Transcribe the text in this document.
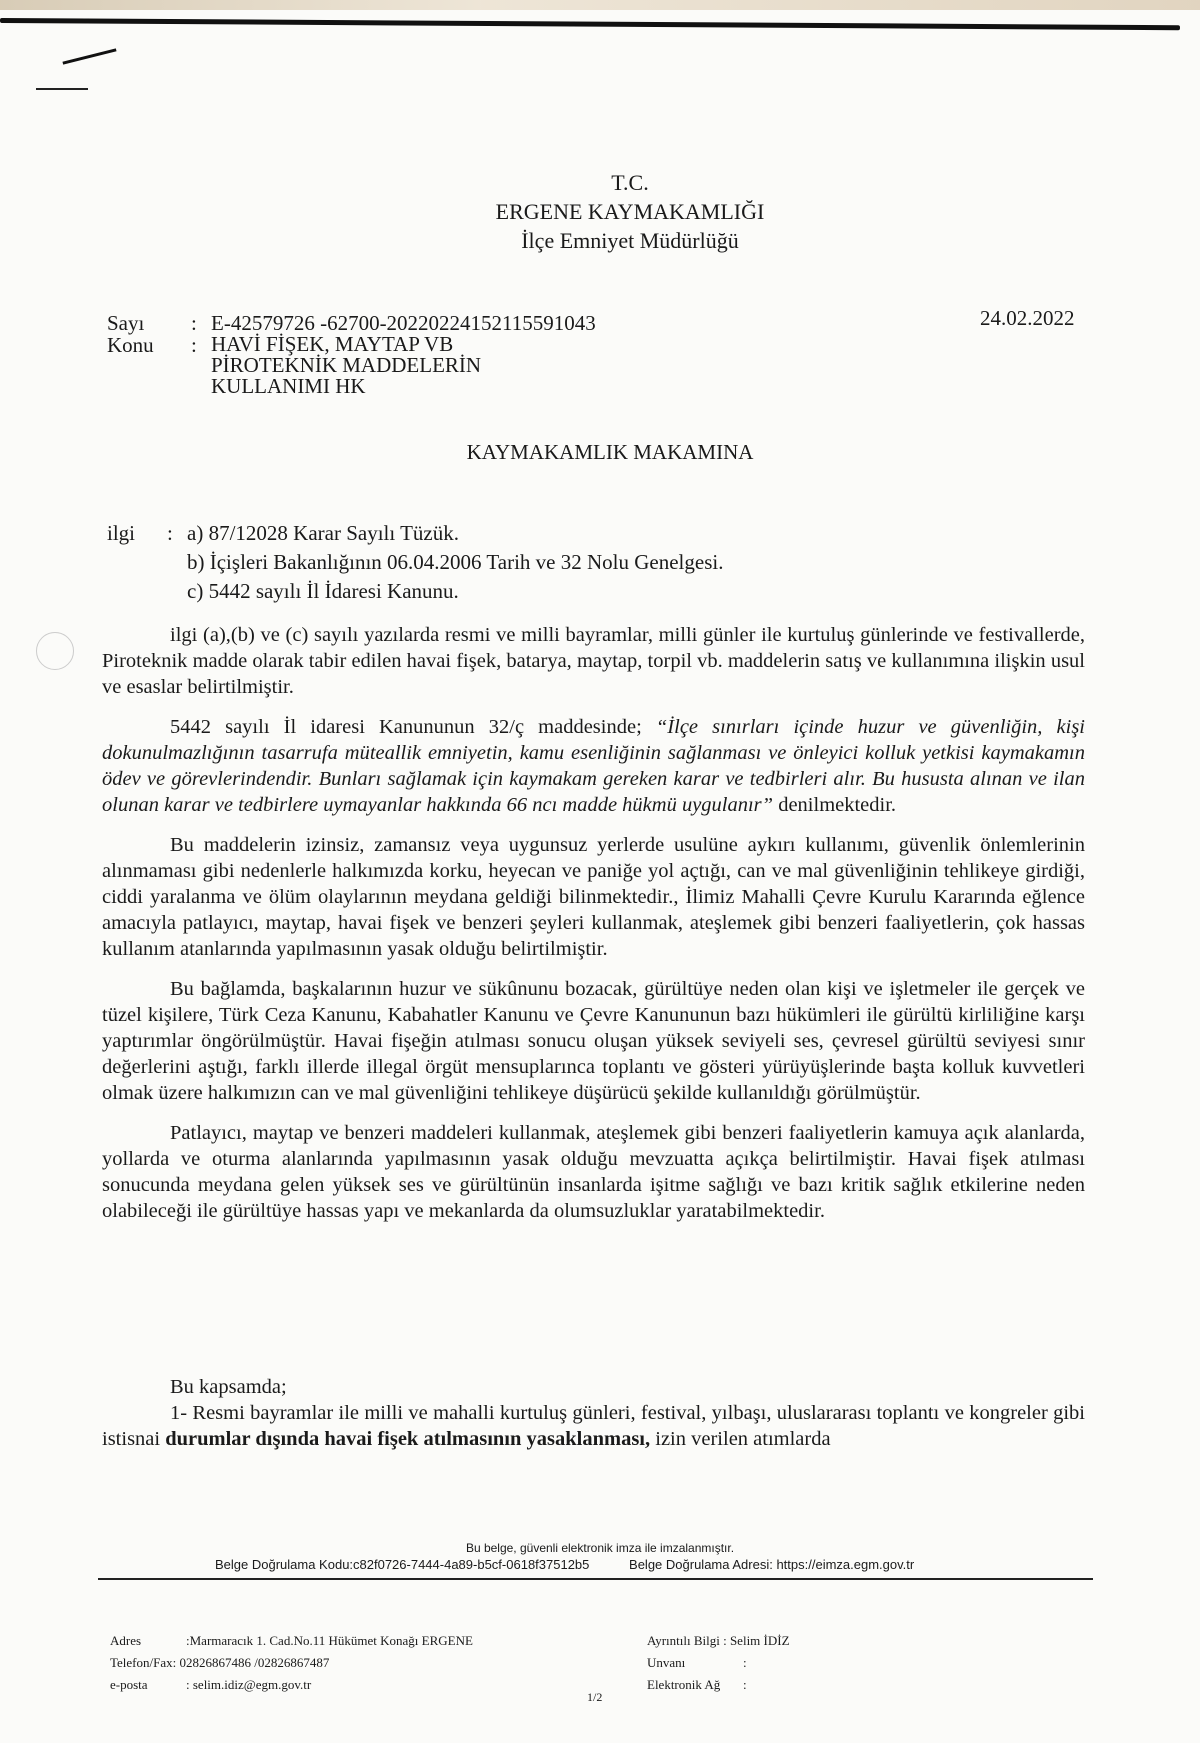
T.C.
ERGENE KAYMAKAMLIĞI
İlçe Emniyet Müdürlüğü
24.02.2022
Sayı	: E-42579726 -62700-20220224152115591043
Konu	: HAVİ FİŞEK, MAYTAP VB
PİROTEKNİK MADDELERİN
KULLANIMI HK
KAYMAKAMLIK MAKAMINA
ilgi	: a) 87/12028 Karar Sayılı Tüzük.
b) İçişleri Bakanlığının 06.04.2006 Tarih ve 32 Nolu Genelgesi.
c) 5442 sayılı İl İdaresi Kanunu.

ilgi (a),(b) ve (c) sayılı yazılarda resmi ve milli bayramlar, milli günler ile kurtuluş günlerinde ve festivallerde, Piroteknik madde olarak tabir edilen havai fişek, batarya, maytap, torpil vb. maddelerin satış ve kullanımına ilişkin usul ve esaslar belirtilmiştir.

5442 sayılı İl idaresi Kanununun 32/ç maddesinde; “İlçe sınırları içinde huzur ve güvenliğin, kişi dokunulmazlığının tasarrufa müteallik emniyetin, kamu esenliğinin sağlanması ve önleyici kolluk yetkisi kaymakamın ödev ve görevlerindendir. Bunları sağlamak için kaymakam gereken karar ve tedbirleri alır. Bu hususta alınan ve ilan olunan karar ve tedbirlere uymayanlar hakkında 66 ncı madde hükmü uygulanır” denilmektedir.

Bu maddelerin izinsiz, zamansız veya uygunsuz yerlerde usulüne aykırı kullanımı, güvenlik önlemlerinin alınmaması gibi nedenlerle halkımızda korku, heyecan ve paniğe yol açtığı, can ve mal güvenliğinin tehlikeye girdiği, ciddi yaralanma ve ölüm olaylarının meydana geldiği bilinmektedir., İlimiz Mahalli Çevre Kurulu Kararında eğlence amacıyla patlayıcı, maytap, havai fişek ve benzeri şeyleri kullanmak, ateşlemek gibi benzeri faaliyetlerin, çok hassas kullanım atanlarında yapılmasının yasak olduğu belirtilmiştir.

Bu bağlamda, başkalarının huzur ve sükûnunu bozacak, gürültüye neden olan kişi ve işletmeler ile gerçek ve tüzel kişilere, Türk Ceza Kanunu, Kabahatler Kanunu ve Çevre Kanununun bazı hükümleri ile gürültü kirliliğine karşı yaptırımlar öngörülmüştür. Havai fişeğin atılması sonucu oluşan yüksek seviyeli ses, çevresel gürültü seviyesi sınır değerlerini aştığı, farklı illerde illegal örgüt mensuplarınca toplantı ve gösteri yürüyüşlerinde başta kolluk kuvvetleri olmak üzere halkımızın can ve mal güvenliğini tehlikeye düşürücü şekilde kullanıldığı görülmüştür.

Patlayıcı, maytap ve benzeri maddeleri kullanmak, ateşlemek gibi benzeri faaliyetlerin kamuya açık alanlarda, yollarda ve oturma alanlarında yapılmasının yasak olduğu mevzuatta açıkça belirtilmiştir. Havai fişek atılması sonucunda meydana gelen yüksek ses ve gürültünün insanlarda işitme sağlığı ve bazı kritik sağlık etkilerine neden olabileceği ile gürültüye hassas yapı ve mekanlarda da olumsuzluklar yaratabilmektedir.

Bu kapsamda;

1- Resmi bayramlar ile milli ve mahalli kurtuluş günleri, festival, yılbaşı, uluslararası toplantı ve kongreler gibi istisnai durumlar dışında havai fişek atılmasının yasaklanması, izin verilen atımlarda

Bu belge, güvenli elektronik imza ile imzalanmıştır.
Belge Doğrulama Kodu:c82f0726-7444-4a89-b5cf-0618f37512b5	Belge Doğrulama Adresi: https://eimza.egm.gov.tr
Adres	:Marmaracık 1. Cad.No.11 Hükümet Konağı ERGENE
Telefon/Fax:
02826867486 /02826867487
e-posta	: selim.idiz@egm.gov.tr
Ayrıntılı Bilgi
: Selim İDİZ
Unvanı	:
Elektronik Ağ	:
1/2
